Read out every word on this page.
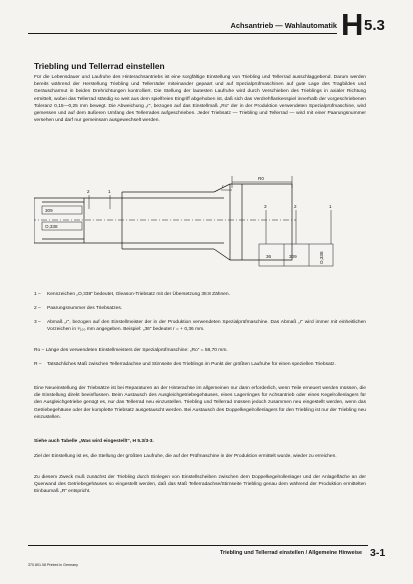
Achsantrieb — Wahlautomatik H 5.3
Triebling und Tellerrad einstellen

Für die Lebensdauer und Laufruhe des Hinterachsantriebs ist eine sorgfältige Einstellung von Triebling und Tellerrad ausschlaggebend. Darum werden bereits während der Herstellung Triebling und Tellerräder miteinander gepaart und auf Spezialprüfmaschinen auf gute Lage des Tragbildes und Geräuscharmut in beiden Drehrichtungen kontrolliert. Die Stellung der lautesten Laufruhe wird durch Verschieben des Trieblings in axialer Richtung ermittelt, wobei das Tellerrad ständig so weit aus dem spielfreien Eingriff abgehoben ist, daß sich das Verdrehflankenspiel innerhalb der vorgeschriebenen Toleranz 0,15—0,25 mm bewegt. Die Abweichung „r“, bezogen auf das Einstellmaß „Ro“ der in der Produktion verwendeten Spezialprüfmaschine, wird gemessen und auf dem äußeren Umfang des Tellerrades aufgeschrieben. Jeder Triebsatz — Triebling und Tellerrad — wird mit einer Paarungsnummer versehen und darf nur gemeinsam ausgewechselt werden.

2	1
309
O,338
R0
r
3	2	1
36	309	O,338
1 – Kennzeichen „O,338“ bedeutet, Gleason-Triebsatz mit der Übersetzung 35:8 Zähnen.

2 – Paarungsnummer des Triebsatzes.

3 – Abmaß „r“, bezogen auf den Einstellmeister der in der Produktion verwendeten Spezialprüfmaschine. Das Abmaß „r“ wird immer mit einheitlichen Vorzeichen in ¹⁄₁₀₀ mm angegeben. Beispiel: „36“ bedeutet r = + 0,36 mm.

Ro – Länge des verwendeten Einstellmeisters der Spezialprüfmaschine: „Ro“ = 58,70 mm.

R – Tatsächliches Maß zwischen Tellerradachse und Stirnseite des Trieblings im Punkt der größten Laufruhe für einen speziellen Triebsatz.

Eine Neueinstellung der Triebsätze ist bei Reparaturen an der Hinterachse im allgemeinen nur dann erforderlich, wenn Teile erneuert werden müssen, die die Einstellung direkt beeinflussen. Beim Austausch des Ausgleichgetriebegehäuses, eines Lagerringes für Achsantrieb oder eines Kegelrollenlagers für den Ausgleichgetriebe genügt es, nur das Tellerrad neu einzustellen. Triebling und Tellerrad müssen jedoch zusammen neu eingestellt werden, wenn das Getriebegehäuse oder der komplette Triebsatz ausgetauscht werden. Bei Austausch des Doppelkegelrollenlagers für den Triebling ist nur der Triebling neu einzustellen.

Siehe auch Tabelle „Was wird eingestellt“, H 5.3/3-3.

Ziel der Einstellung ist es, die Stellung der größten Laufruhe, die auf der Prüfmaschine in der Produktion ermittelt wurde, wieder zu erreichen.

Zu diesem Zweck muß zunächst der Triebling durch Einlegen von Einstellscheiben zwischen dem Doppelkegelrollenlager und der Anlagefläche an der Querwand des Getriebegehäuses so eingestellt werden, daß das Maß Tellerradachse/Stirnseite Triebling genau dem während der Produktion ermittelten Einbaumaß „R“ entspricht.

Triebling und Tellerrad einstellen / Allgemeine Hinweise 3-1
370.801.08 Printed in Germany
